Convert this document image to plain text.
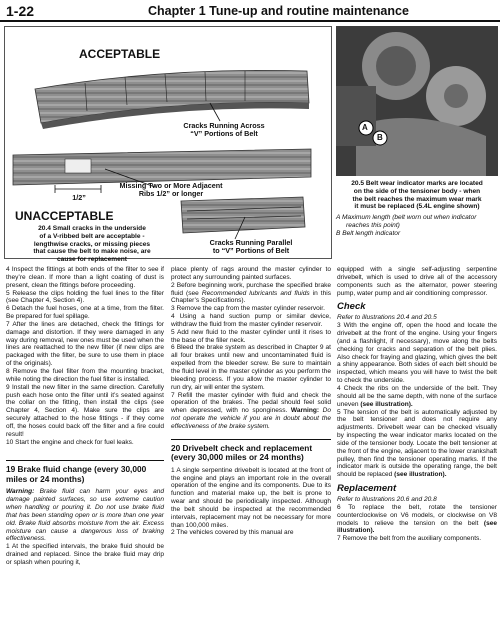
1-22	Chapter 1 Tune-up and routine maintenance
ACCEPTABLE
Cracks Running Across
“V” Portions of Belt
Missing Two or More Adjacent
Ribs 1/2” or longer
1/2”
UNACCEPTABLE
Cracks Running Parallel
to “V” Portions of Belt
20.4 Small cracks in the underside
of a V-ribbed belt are acceptable -
lengthwise cracks, or missing pieces
that cause the belt to make noise, are
cause for replacement
A
B
20.5 Belt wear indicator marks are located
on the side of the tensioner body - when
the belt reaches the maximum wear mark
it must be replaced (5.4L engine shown)
A Maximum length (belt worn out when indicator reaches this point)
B Belt length indicator

4 Inspect the fittings at both ends of the filter to see if they’re clean. If more than a light coating of dust is present, clean the fittings before proceeding.

5 Release the clips holding the fuel lines to the filter (see Chapter 4, Section 4).

6 Detach the fuel hoses, one at a time, from the filter. Be prepared for fuel spillage.

7 After the lines are detached, check the fittings for damage and distortion. If they were damaged in any way during removal, new ones must be used when the lines are reattached to the new filter (if new clips are packaged with the filter, be sure to use them in place of the originals).

8 Remove the fuel filter from the mounting bracket, while noting the direction the fuel filter is installed.

9 Install the new filter in the same direction. Carefully push each hose onto the filter until it’s seated against the collar on the fitting, then install the clips (see Chapter 4, Section 4). Make sure the clips are securely attached to the hose fittings - if they come off, the hoses could back off the filter and a fire could result!

10 Start the engine and check for fuel leaks.

19 Brake fluid change (every 30,000 miles or 24 months)

Warning: Brake fluid can harm your eyes and damage painted surfaces, so use extreme caution when handling or pouring it. Do not use brake fluid that has been standing open or is more than one year old. Brake fluid absorbs moisture from the air. Excess moisture can cause a dangerous loss of braking effectiveness.

1 At the specified intervals, the brake fluid should be drained and replaced. Since the brake fluid may drip or splash when pouring it,

place plenty of rags around the master cylinder to protect any surrounding painted surfaces.

2 Before beginning work, purchase the specified brake fluid (see Recommended lubricants and fluids in this Chapter’s Specifications).

3 Remove the cap from the master cylinder reservoir.

4 Using a hand suction pump or similar device, withdraw the fluid from the master cylinder reservoir.

5 Add new fluid to the master cylinder until it rises to the base of the filler neck.

6 Bleed the brake system as described in Chapter 9 at all four brakes until new and uncontaminated fluid is expelled from the bleeder screw. Be sure to maintain the fluid level in the master cylinder as you perform the bleeding process. If you allow the master cylinder to run dry, air will enter the system.

7 Refill the master cylinder with fluid and check the operation of the brakes. The pedal should feel solid when depressed, with no sponginess. Warning: Do not operate the vehicle if you are in doubt about the effectiveness of the brake system.

20 Drivebelt check and replacement (every 30,000 miles or 24 months)

1 A single serpentine drivebelt is located at the front of the engine and plays an important role in the overall operation of the engine and its components. Due to its function and material make up, the belt is prone to wear and should be periodically inspected. Although the belt should be inspected at the recommended intervals, replacement may not be necessary for more than 100,000 miles.

2 The vehicles covered by this manual are

equipped with a single self-adjusting serpentine drivebelt, which is used to drive all of the accessory components such as the alternator, power steering pump, water pump and air conditioning compressor.

Check

Refer to illustrations 20.4 and 20.5

3 With the engine off, open the hood and locate the drivebelt at the front of the engine. Using your fingers (and a flashlight, if necessary), move along the belts checking for cracks and separation of the belt plies. Also check for fraying and glazing, which gives the belt a shiny appearance. Both sides of each belt should be inspected, which means you will have to twist the belt to check the underside.

4 Check the ribs on the underside of the belt. They should all be the same depth, with none of the surface uneven (see illustration).

5 The tension of the belt is automatically adjusted by the belt tensioner and does not require any adjustments. Drivebelt wear can be checked visually by inspecting the wear indicator marks located on the side of the tensioner body. Locate the belt tensioner at the front of the engine, adjacent to the lower crankshaft pulley, then find the tensioner operating marks. If the indicator mark is outside the operating range, the belt should be replaced (see illustration).

Replacement

Refer to illustrations 20.6 and 20.8

6 To replace the belt, rotate the tensioner counterclockwise on V6 models, or clockwise on V8 models to relieve the tension on the belt (see illustration).

7 Remove the belt from the auxiliary components.
